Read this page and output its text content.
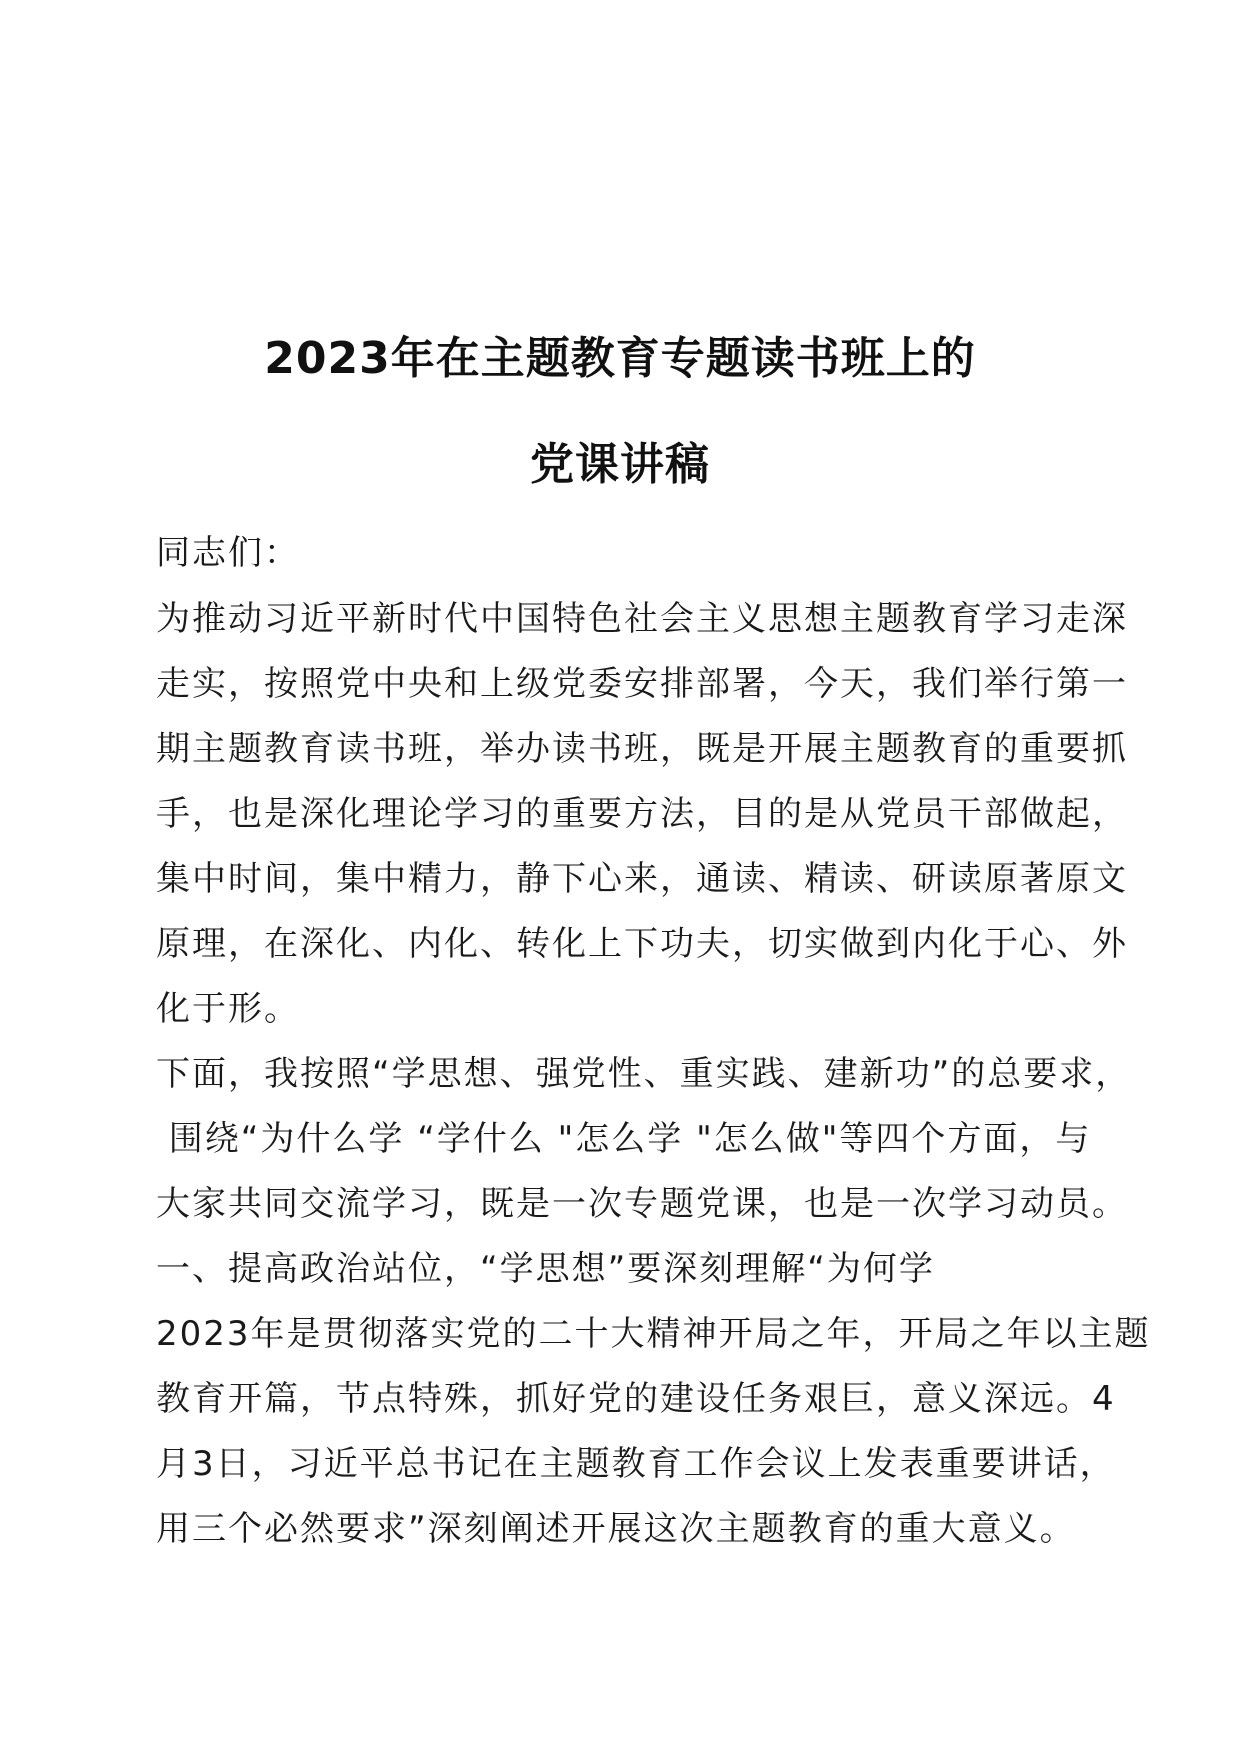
2023年在主题教育专题读书班上的
党课讲稿

同志们：

为推动习近平新时代中国特色社会主义思想主题教育学习走深

走实，按照党中央和上级党委安排部署，今天，我们举行第一

期主题教育读书班，举办读书班，既是开展主题教育的重要抓

手，也是深化理论学习的重要方法，目的是从党员干部做起，

集中时间，集中精力，静下心来，通读、精读、研读原著原文

原理，在深化、内化、转化上下功夫，切实做到内化于心、外

化于形。

下面，我按照“学思想、强党性、重实践、建新功”的总要求，

围绕“为什么学 “学什么 "怎么学 "怎么做"等四个方面，与

大家共同交流学习，既是一次专题党课，也是一次学习动员。

一、提高政治站位，“学思想”要深刻理解“为何学

2023年是贯彻落实党的二十大精神开局之年，开局之年以主题

教育开篇，节点特殊，抓好党的建设任务艰巨，意义深远。4

月3日，习近平总书记在主题教育工作会议上发表重要讲话，

用三个必然要求”深刻阐述开展这次主题教育的重大意义。
